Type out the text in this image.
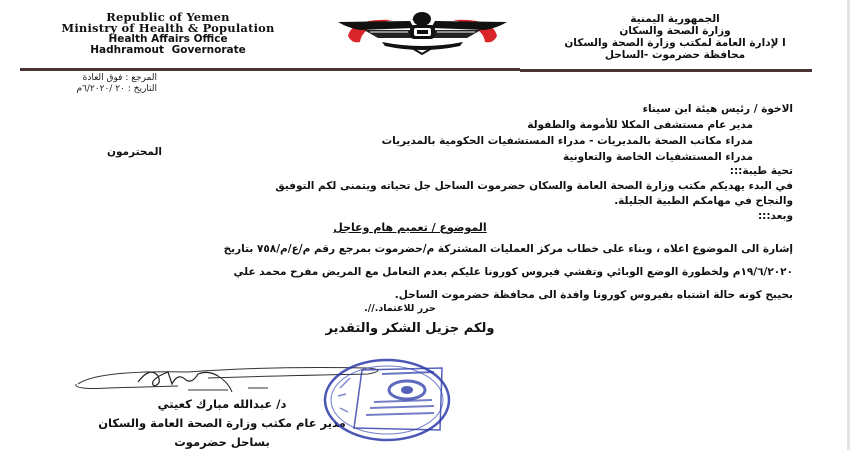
Republic of Yemen
Ministry of Health & Population
Health Affairs Office
Hadhramout Governorate
الجمهورية اليمنية
وزارة الصحة والسكان
ا لإدارة العامة لمكتب وزارة الصحة والسكان
محافظة حضرموت -الساحل
المرجع : فوق العادة
التاريخ : ٢٠ /٦/٢٠٢٠م
الاخوة / رئيس هيئة ابن سيناء
مدير عام مستشفى المكلا للأمومة والطفولة
مدراء مكاتب الصحة بالمديريات - مدراء المستشفيات الحكومية بالمديريات
مدراء المستشفيات الخاصة والتعاونية
المحترمون
تحية طيبة:::
في البدء يهديكم مكتب وزارة الصحة العامة والسكان حضرموت الساحل جل تحياته ويتمنى لكم التوفيق
والنجاح في مهامكم الطبية الجليلة.
وبعد:::
الموضوع / تعميم هام وعاجل
إشارة الى الموضوع اعلاه ، وبناء على خطاب مركز العمليات المشتركة م/حضرموت بمرجع رقم م/ع/م/٧٥٨ بتاريخ
١٩/٦/٢٠٢٠م ولخطورة الوضع الوبائي وتفشي فيروس كورونا عليكم بعدم التعامل مع المريض مفرح محمد علي
بحيبح كونه حالة اشتباه بفيروس كورونا وافدة الى محافظة حضرموت الساحل.
حرر للاعتماد.//.
ولكم جزيل الشكر والتقدير
د/ عبدالله مبارك كعيتي
مدير عام مكتب وزارة الصحة العامة والسكان
بساحل حضرموت
